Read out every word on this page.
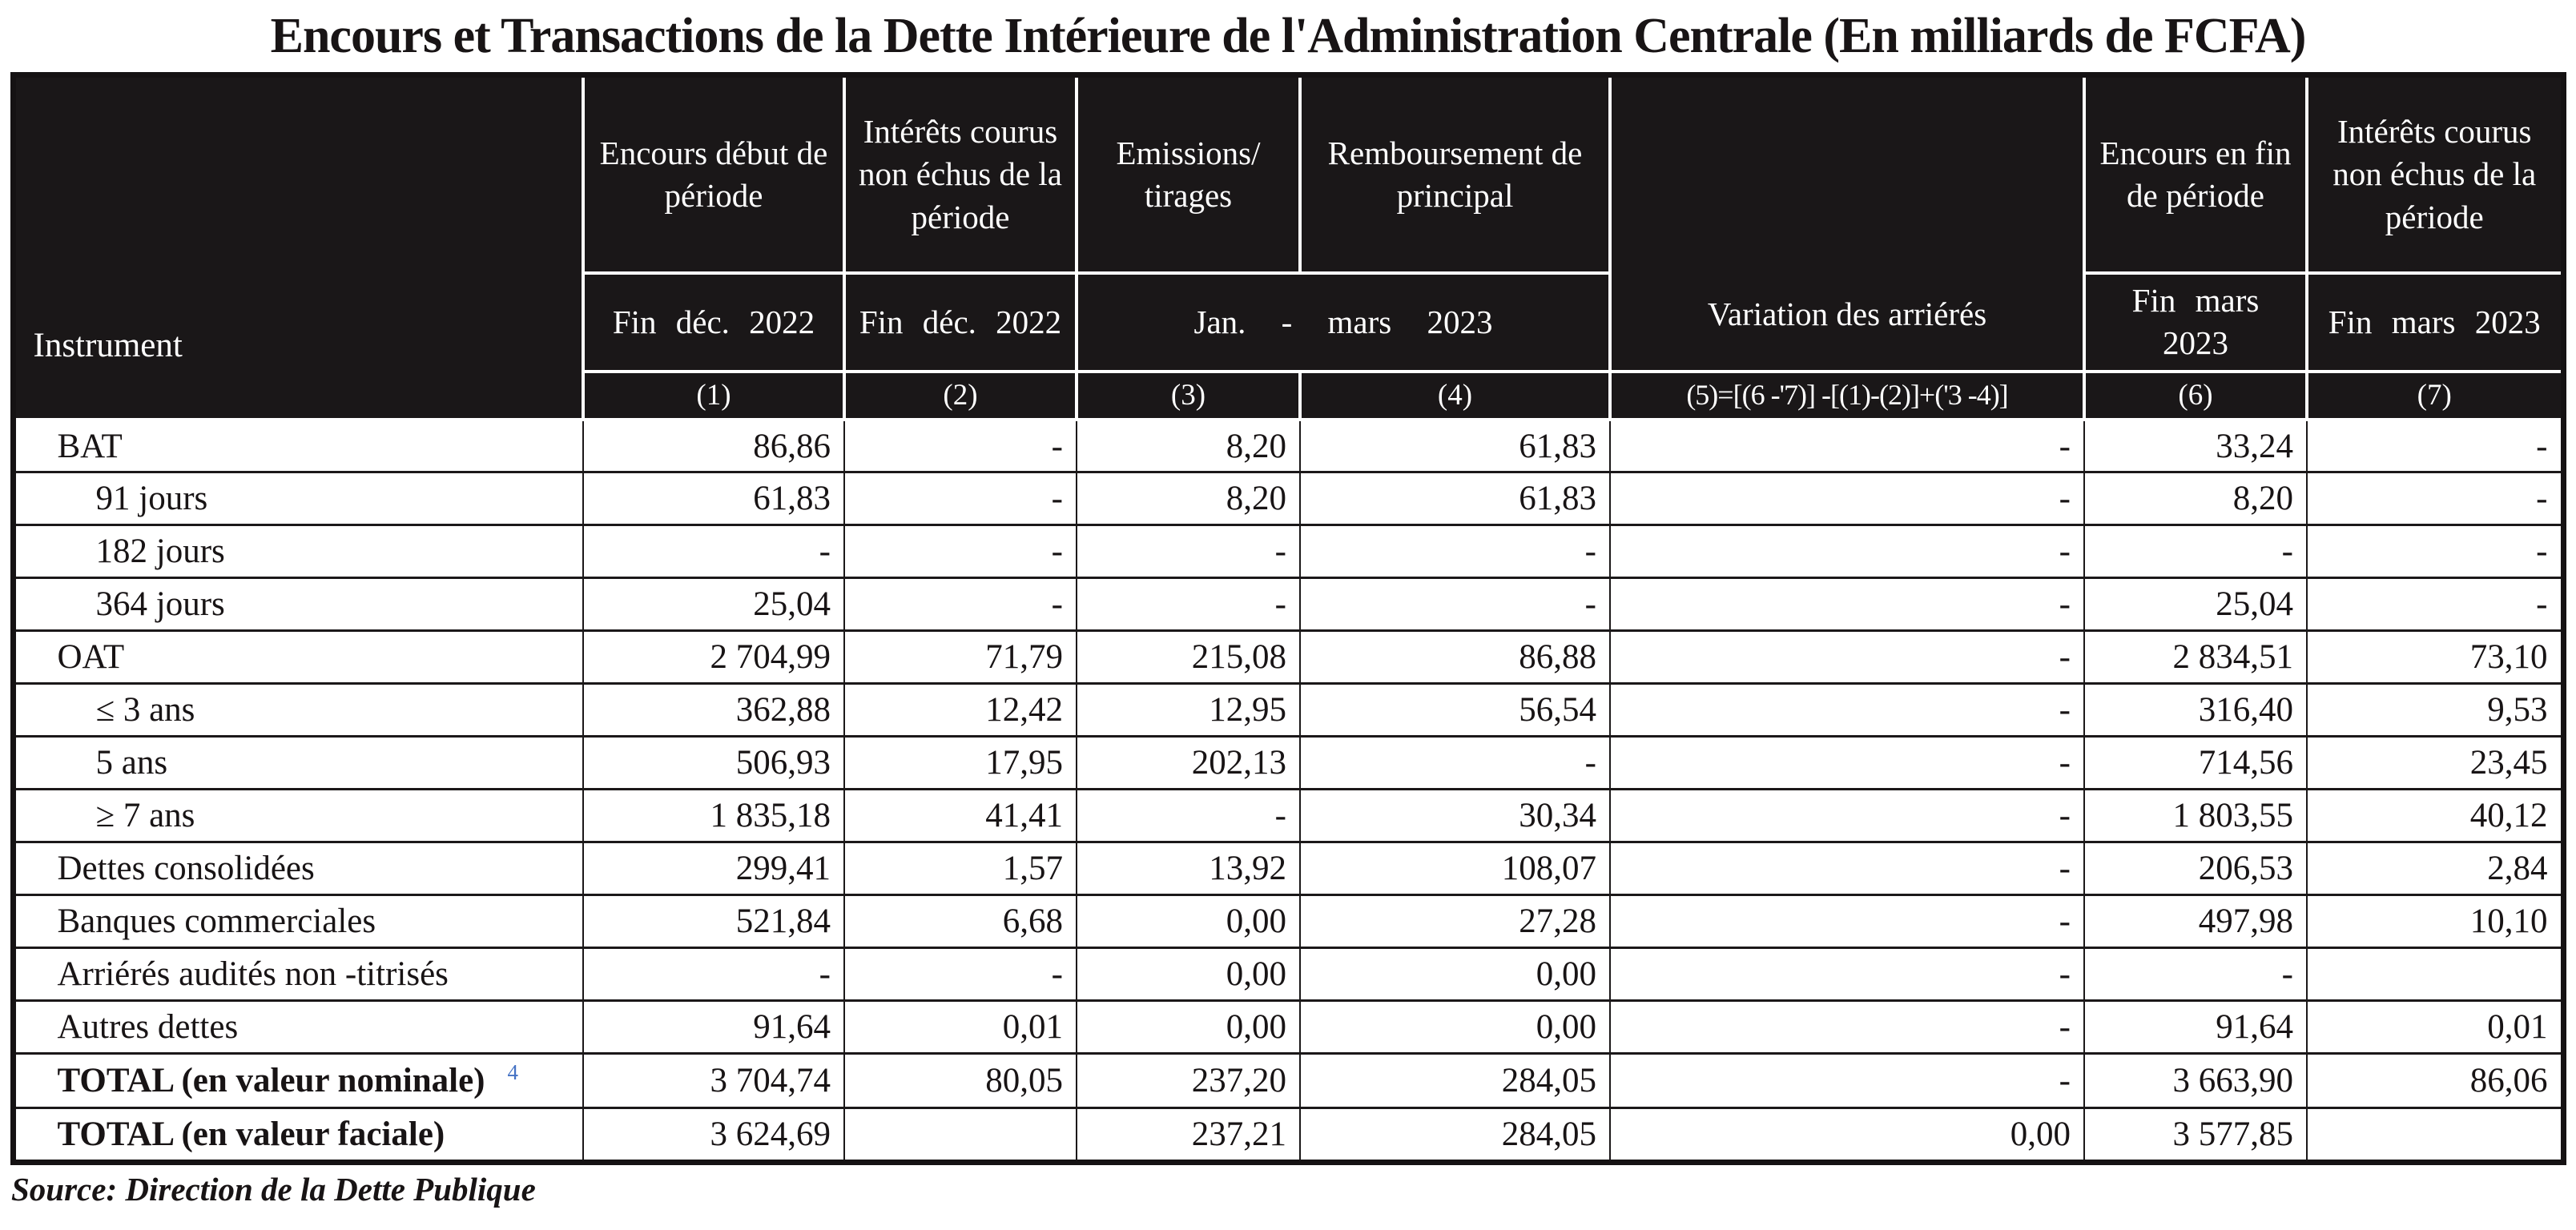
Encours et Transactions de la Dette Intérieure de l'Administration Centrale (En milliards de FCFA)
Instrument	Encours début de période	Intérêts courus non échus de la période	Emissions/ tirages	Remboursement de principal	Variation des arriérés	Encours en fin de période	Intérêts courus non échus de la période
	Fin déc. 2022	Fin déc. 2022	Jan. - mars 2023			Fin mars 2023	Fin mars 2023
	(1)	(2)	(3)	(4)	(5)=[(6 -'7)] -[(1)-(2)]+('3 -4)]	(6)	(7)
BAT	86,86	-	8,20	61,83	-	33,24	-
91 jours	61,83	-	8,20	61,83	-	8,20	-
182 jours	-	-	-	-	-	-	-
364 jours	25,04	-	-	-	-	25,04	-
OAT	2 704,99	71,79	215,08	86,88	-	2 834,51	73,10
≤ 3 ans	362,88	12,42	12,95	56,54	-	316,40	9,53
5 ans	506,93	17,95	202,13	-	-	714,56	23,45
≥ 7 ans	1 835,18	41,41	-	30,34	-	1 803,55	40,12
Dettes consolidées	299,41	1,57	13,92	108,07	-	206,53	2,84
Banques commerciales	521,84	6,68	0,00	27,28	-	497,98	10,10
Arriérés audités non -titrisés	-	-	0,00	0,00	-	-	
Autres dettes	91,64	0,01	0,00	0,00	-	91,64	0,01
TOTAL (en valeur nominale) $^4$	3 704,74	80,05	237,20	284,05	-	3 663,90	86,06
TOTAL (en valeur faciale)	3 624,69		237,21	284,05	0,00	3 577,85	
Source: Direction de la Dette Publique
